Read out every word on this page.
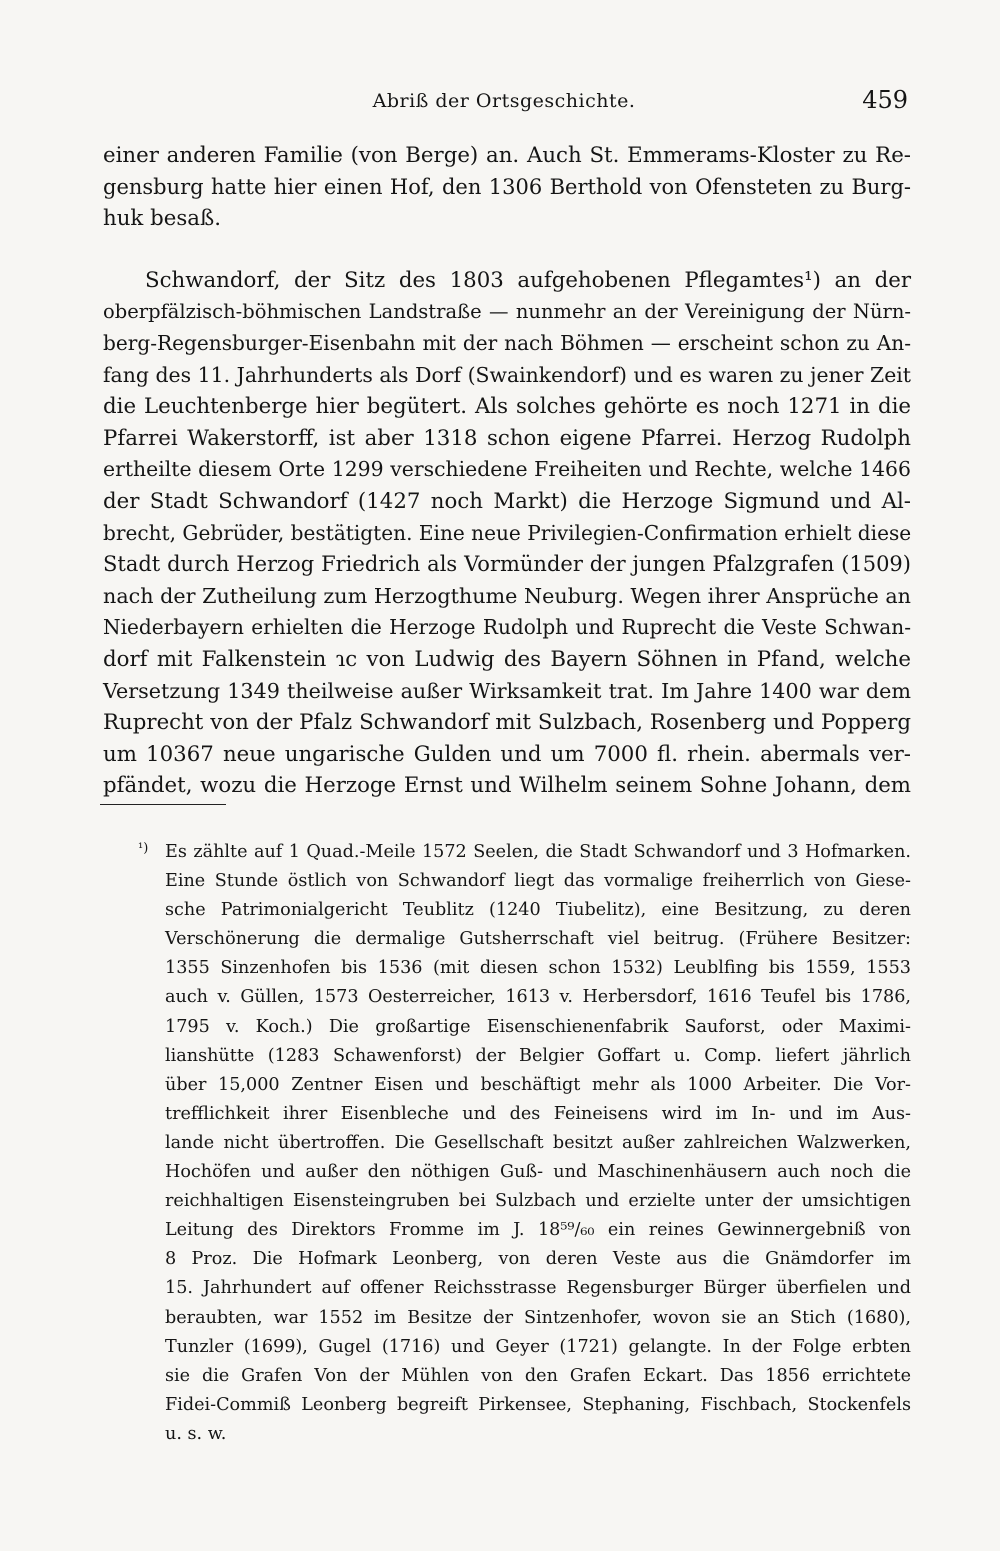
Abriß der Ortsgeschichte.	459
einer anderen Familie (von Berge) an. Auch St. Emmerams-Kloster zu Re-
gensburg hatte hier einen Hof, den 1306 Berthold von Ofensteten zu Burg-
huk besaß.
Schwandorf, der Sitz des 1803 aufgehobenen Pflegamtes¹) an der
oberpfälzisch-böhmischen Landstraße — nunmehr an der Vereinigung der Nürn-
berg-Regensburger-Eisenbahn mit der nach Böhmen — erscheint schon zu An-
fang des 11. Jahrhunderts als Dorf (Swainkendorf) und es waren zu jener Zeit
die Leuchtenberge hier begütert. Als solches gehörte es noch 1271 in die
Pfarrei Wakerstorff, ist aber 1318 schon eigene Pfarrei. Herzog Rudolph
ertheilte diesem Orte 1299 verschiedene Freiheiten und Rechte, welche 1466
der Stadt Schwandorf (1427 noch Markt) die Herzoge Sigmund und Al-
brecht, Gebrüder, bestätigten. Eine neue Privilegien-Confirmation erhielt diese
Stadt durch Herzog Friedrich als Vormünder der jungen Pfalzgrafen (1509)
nach der Zutheilung zum Herzogthume Neuburg. Wegen ihrer Ansprüche an
Niederbayern erhielten die Herzoge Rudolph und Ruprecht die Veste Schwan-
dorf mit Falkenstein ɿc von Ludwig des Bayern Söhnen in Pfand, welche
Versetzung 1349 theilweise außer Wirksamkeit trat. Im Jahre 1400 war dem
Ruprecht von der Pfalz Schwandorf mit Sulzbach, Rosenberg und Popperg
um 10367 neue ungarische Gulden und um 7000 fl. rhein. abermals ver-
pfändet, wozu die Herzoge Ernst und Wilhelm seinem Sohne Johann, dem
¹) Es zählte auf 1 Quad.-Meile 1572 Seelen, die Stadt Schwandorf und 3 Hofmarken.
Eine Stunde östlich von Schwandorf liegt das vormalige freiherrlich von Giese-
sche Patrimonialgericht Teublitz (1240 Tiubelitz), eine Besitzung, zu deren
Verschönerung die dermalige Gutsherrschaft viel beitrug. (Frühere Besitzer:
1355 Sinzenhofen bis 1536 (mit diesen schon 1532) Leublfing bis 1559, 1553
auch v. Güllen, 1573 Oesterreicher, 1613 v. Herbersdorf, 1616 Teufel bis 1786,
1795 v. Koch.) Die großartige Eisenschienenfabrik Sauforst, oder Maximi-
lianshütte (1283 Schawenforst) der Belgier Goffart u. Comp. liefert jährlich
über 15,000 Zentner Eisen und beschäftigt mehr als 1000 Arbeiter. Die Vor-
trefflichkeit ihrer Eisenbleche und des Feineisens wird im In- und im Aus-
lande nicht übertroffen. Die Gesellschaft besitzt außer zahlreichen Walzwerken,
Hochöfen und außer den nöthigen Guß- und Maschinenhäusern auch noch die
reichhaltigen Eisensteingruben bei Sulzbach und erzielte unter der umsichtigen
Leitung des Direktors Fromme im J. 18⁵⁹/₆₀ ein reines Gewinnergebniß von
8 Proz. Die Hofmark Leonberg, von deren Veste aus die Gnämdorfer im
15. Jahrhundert auf offener Reichsstrasse Regensburger Bürger überfielen und
beraubten, war 1552 im Besitze der Sintzenhofer, wovon sie an Stich (1680),
Tunzler (1699), Gugel (1716) und Geyer (1721) gelangte. In der Folge erbten
sie die Grafen Von der Mühlen von den Grafen Eckart. Das 1856 errichtete
Fidei-Commiß Leonberg begreift Pirkensee, Stephaning, Fischbach, Stockenfels
u. s. w.
